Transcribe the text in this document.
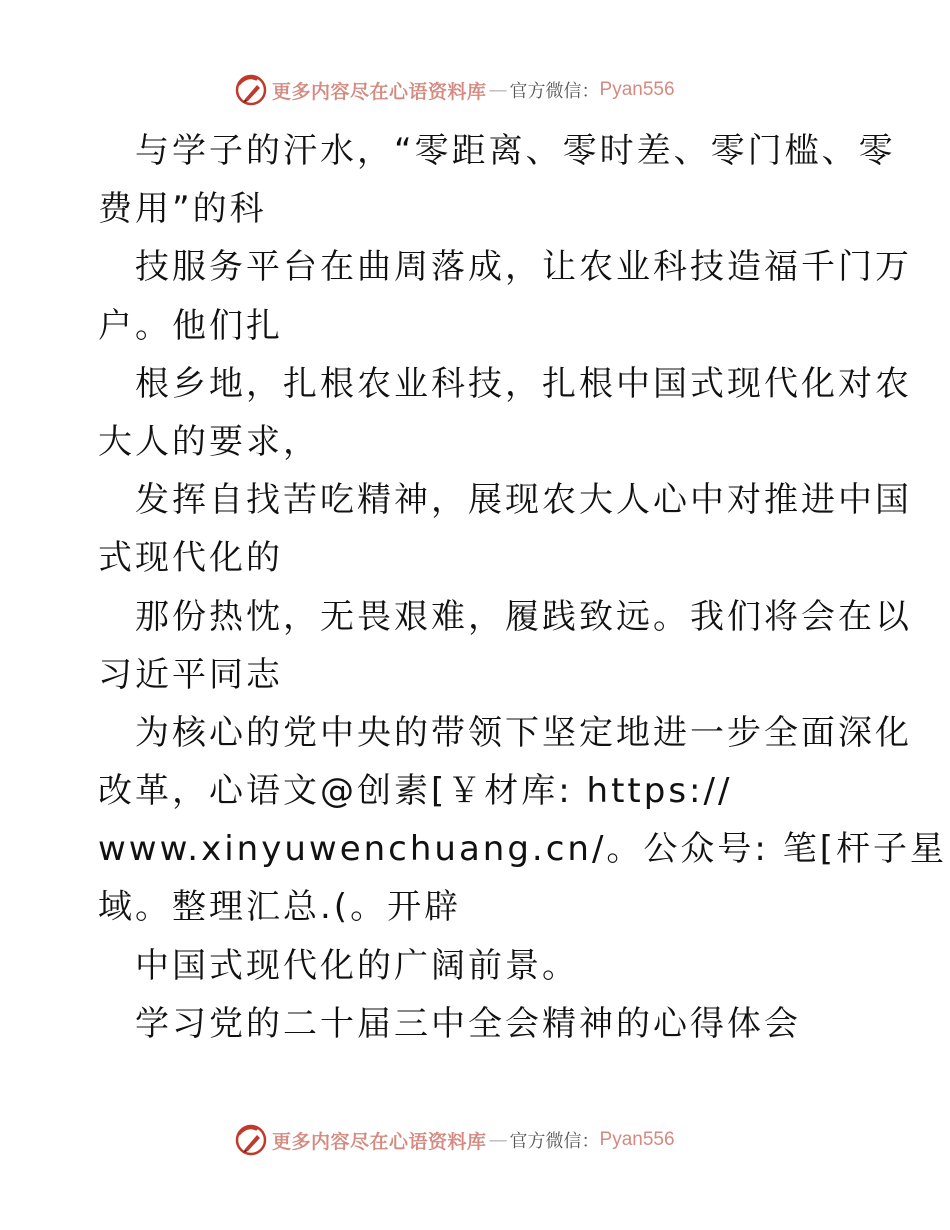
更多内容尽在心语资料库 — 官方微信： Pyan556
与学子的汗水，“零距离、零时差、零门槛、零
费用”的科
技服务平台在曲周落成，让农业科技造福千门万
户。他们扎
根乡地，扎根农业科技，扎根中国式现代化对农
大人的要求，
发挥自找苦吃精神，展现农大人心中对推进中国
式现代化的
那份热忱，无畏艰难，履践致远。我们将会在以
习近平同志
为核心的党中央的带领下坚定地进一步全面深化
改革，心语文@创素[￥材库: https://
www.xinyuwenchuang.cn/。公众号: 笔[杆子星
域。整理汇总.(。开辟
中国式现代化的广阔前景。
学习党的二十届三中全会精神的心得体会
更多内容尽在心语资料库 — 官方微信： Pyan556
